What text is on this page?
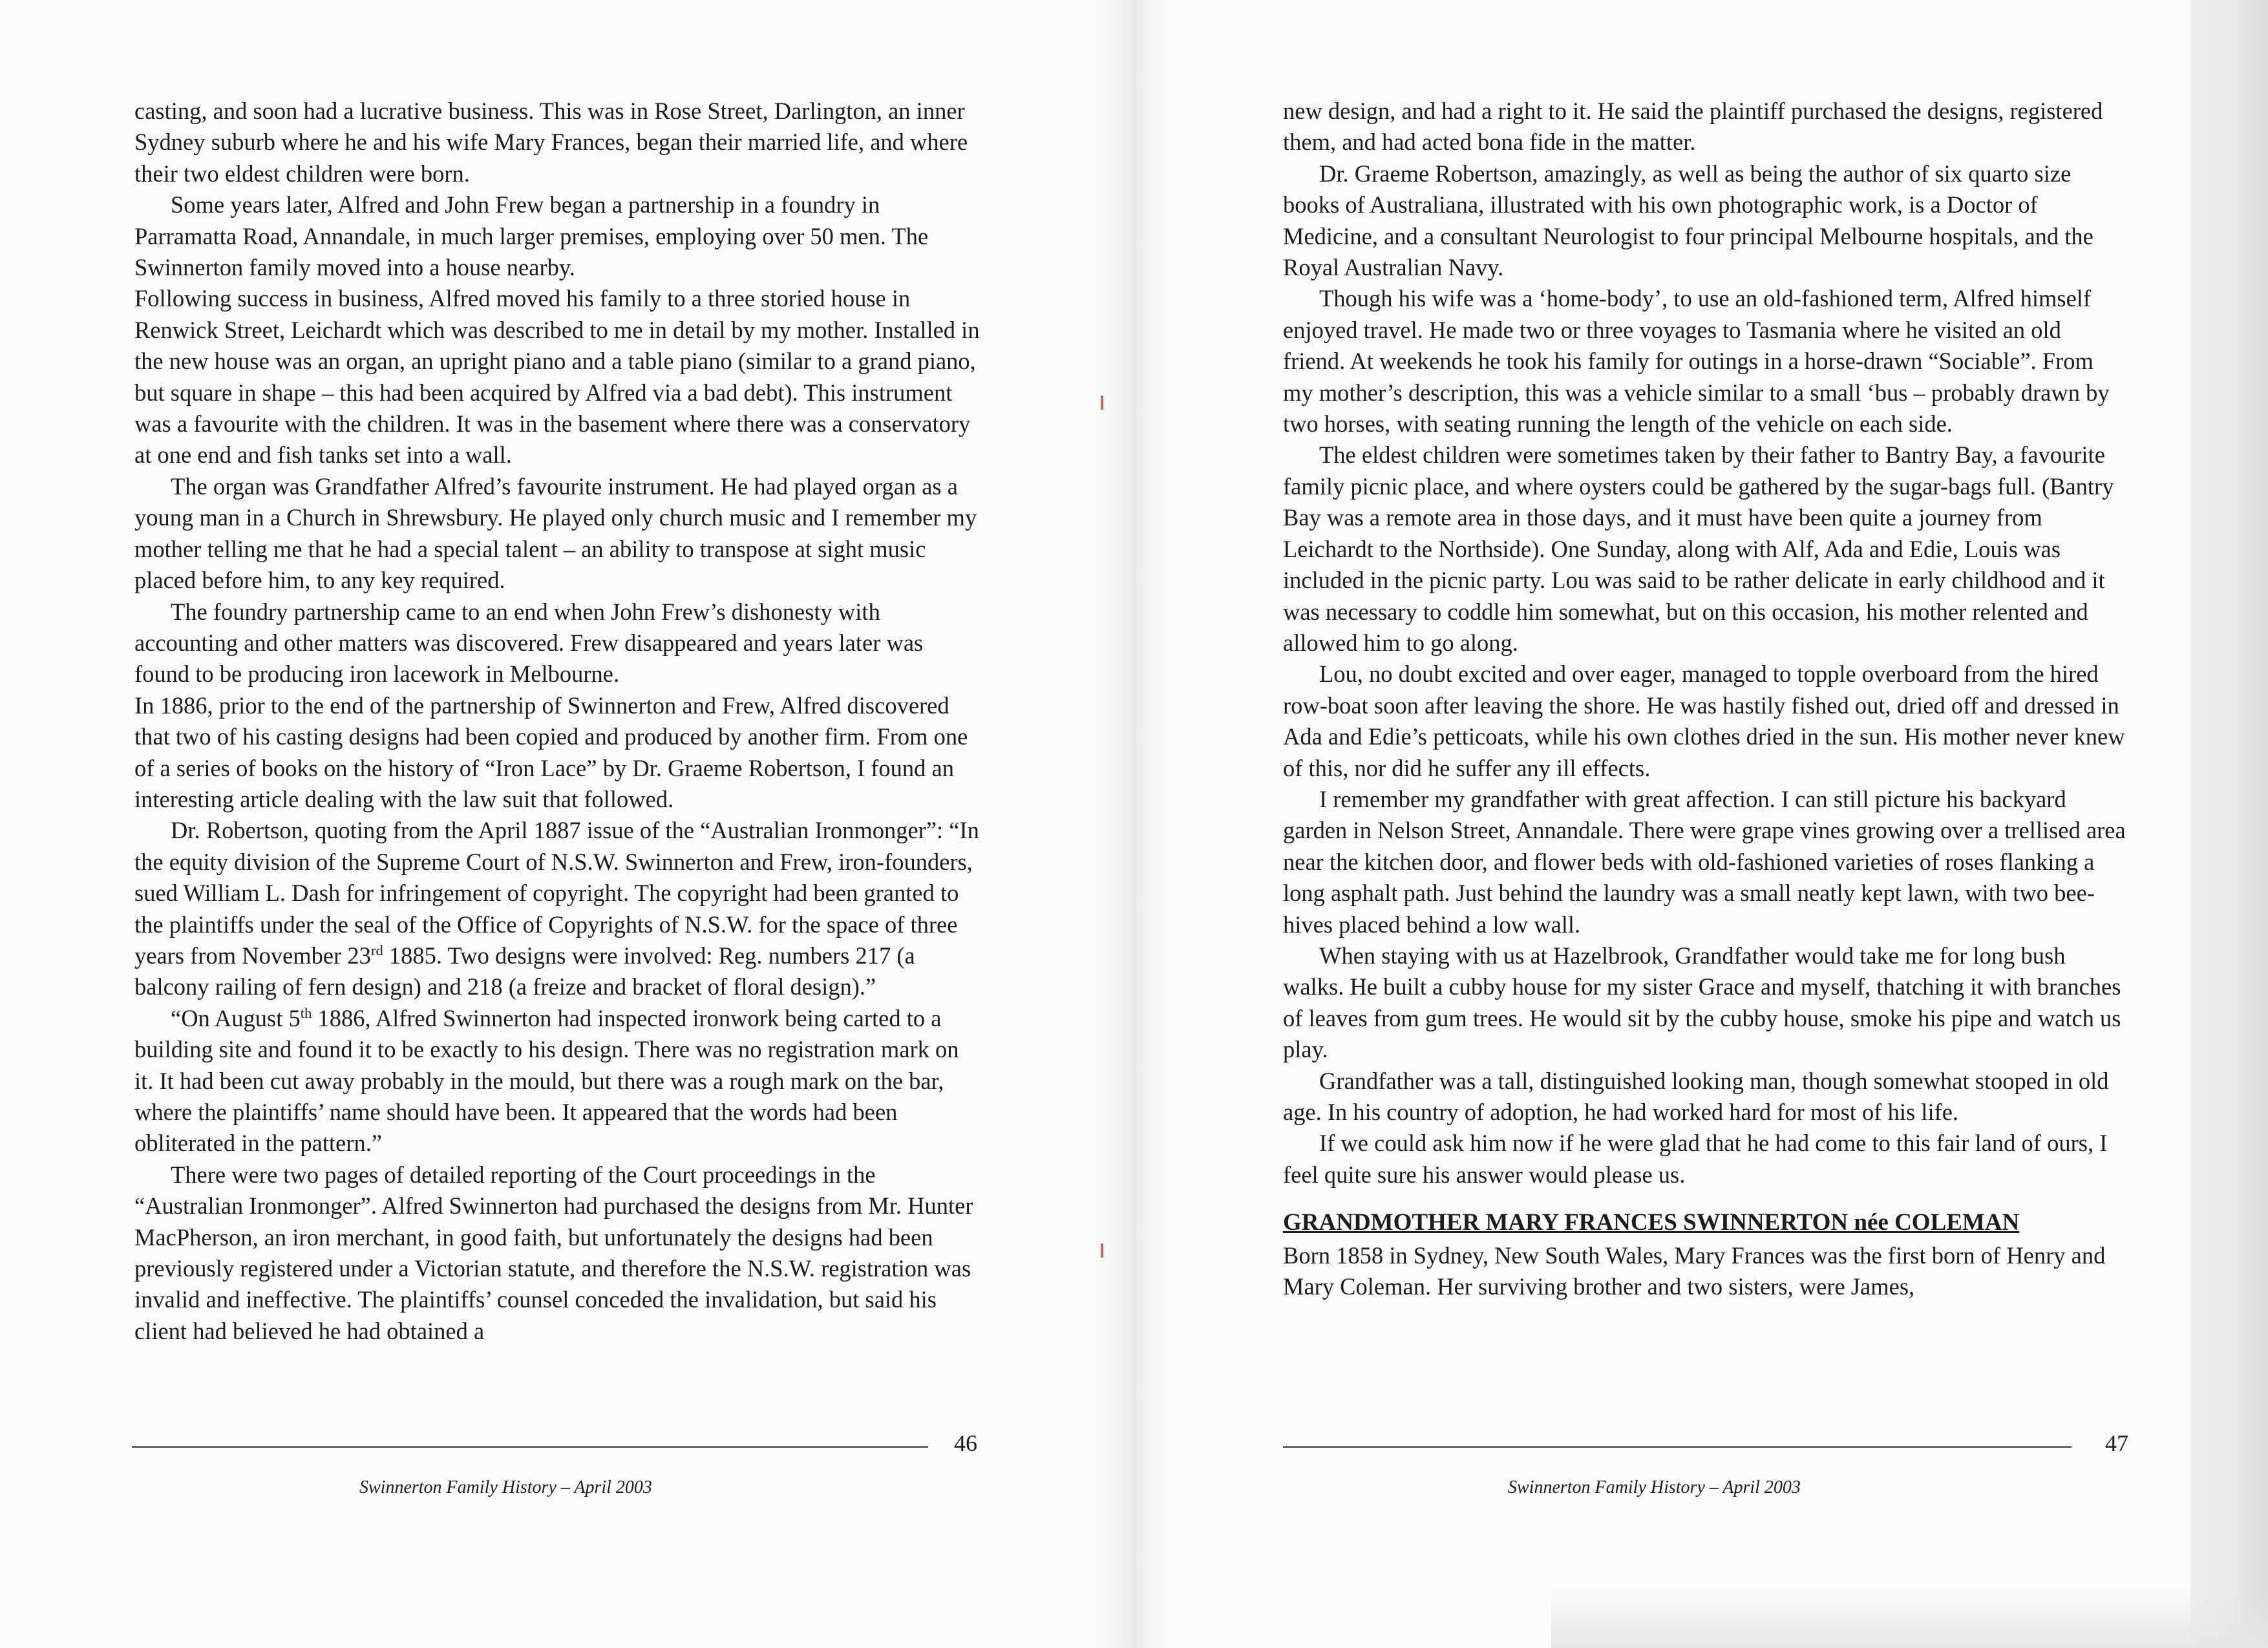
casting, and soon had a lucrative business. This was in Rose Street, Darlington, an inner Sydney suburb where he and his wife Mary Frances, began their married life, and where their two eldest children were born.

Some years later, Alfred and John Frew began a partnership in a foundry in Parramatta Road, Annandale, in much larger premises, employing over 50 men. The Swinnerton family moved into a house nearby.

Following success in business, Alfred moved his family to a three storied house in Renwick Street, Leichardt which was described to me in detail by my mother. Installed in the new house was an organ, an upright piano and a table piano (similar to a grand piano, but square in shape – this had been acquired by Alfred via a bad debt). This instrument was a favourite with the children. It was in the basement where there was a conservatory at one end and fish tanks set into a wall.

The organ was Grandfather Alfred’s favourite instrument. He had played organ as a young man in a Church in Shrewsbury. He played only church music and I remember my mother telling me that he had a special talent – an ability to transpose at sight music placed before him, to any key required.

The foundry partnership came to an end when John Frew’s dishonesty with accounting and other matters was discovered. Frew disappeared and years later was found to be producing iron lacework in Melbourne.

In 1886, prior to the end of the partnership of Swinnerton and Frew, Alfred discovered that two of his casting designs had been copied and produced by another firm. From one of a series of books on the history of “Iron Lace” by Dr. Graeme Robertson, I found an interesting article dealing with the law suit that followed.

Dr. Robertson, quoting from the April 1887 issue of the “Australian Ironmonger”: “In the equity division of the Supreme Court of N.S.W. Swinnerton and Frew, iron-founders, sued William L. Dash for infringement of copyright. The copyright had been granted to the plaintiffs under the seal of the Office of Copyrights of N.S.W. for the space of three years from November 23rd 1885. Two designs were involved: Reg. numbers 217 (a balcony railing of fern design) and 218 (a freize and bracket of floral design).”

“On August 5th 1886, Alfred Swinnerton had inspected ironwork being carted to a building site and found it to be exactly to his design. There was no registration mark on it. It had been cut away probably in the mould, but there was a rough mark on the bar, where the plaintiffs’ name should have been. It appeared that the words had been obliterated in the pattern.”

There were two pages of detailed reporting of the Court proceedings in the “Australian Ironmonger”. Alfred Swinnerton had purchased the designs from Mr. Hunter MacPherson, an iron merchant, in good faith, but unfortunately the designs had been previously registered under a Victorian statute, and therefore the N.S.W. registration was invalid and ineffective. The plaintiffs’ counsel conceded the invalidation, but said his client had believed he had obtained a

46
Swinnerton Family History – April 2003

new design, and had a right to it. He said the plaintiff purchased the designs, registered them, and had acted bona fide in the matter.

Dr. Graeme Robertson, amazingly, as well as being the author of six quarto size books of Australiana, illustrated with his own photographic work, is a Doctor of Medicine, and a consultant Neurologist to four principal Melbourne hospitals, and the Royal Australian Navy.

Though his wife was a ‘home-body’, to use an old-fashioned term, Alfred himself enjoyed travel. He made two or three voyages to Tasmania where he visited an old friend. At weekends he took his family for outings in a horse-drawn “Sociable”. From my mother’s description, this was a vehicle similar to a small ‘bus – probably drawn by two horses, with seating running the length of the vehicle on each side.

The eldest children were sometimes taken by their father to Bantry Bay, a favourite family picnic place, and where oysters could be gathered by the sugar-bags full. (Bantry Bay was a remote area in those days, and it must have been quite a journey from Leichardt to the Northside). One Sunday, along with Alf, Ada and Edie, Louis was included in the picnic party. Lou was said to be rather delicate in early childhood and it was necessary to coddle him somewhat, but on this occasion, his mother relented and allowed him to go along.

Lou, no doubt excited and over eager, managed to topple overboard from the hired row-boat soon after leaving the shore. He was hastily fished out, dried off and dressed in Ada and Edie’s petticoats, while his own clothes dried in the sun. His mother never knew of this, nor did he suffer any ill effects.

I remember my grandfather with great affection. I can still picture his backyard garden in Nelson Street, Annandale. There were grape vines growing over a trellised area near the kitchen door, and flower beds with old-fashioned varieties of roses flanking a long asphalt path. Just behind the laundry was a small neatly kept lawn, with two bee-hives placed behind a low wall.

When staying with us at Hazelbrook, Grandfather would take me for long bush walks. He built a cubby house for my sister Grace and myself, thatching it with branches of leaves from gum trees. He would sit by the cubby house, smoke his pipe and watch us play.

Grandfather was a tall, distinguished looking man, though somewhat stooped in old age. In his country of adoption, he had worked hard for most of his life.

If we could ask him now if he were glad that he had come to this fair land of ours, I feel quite sure his answer would please us.

GRANDMOTHER MARY FRANCES SWINNERTON née COLEMAN

Born 1858 in Sydney, New South Wales, Mary Frances was the first born of Henry and Mary Coleman. Her surviving brother and two sisters, were James,

47
Swinnerton Family History – April 2003
